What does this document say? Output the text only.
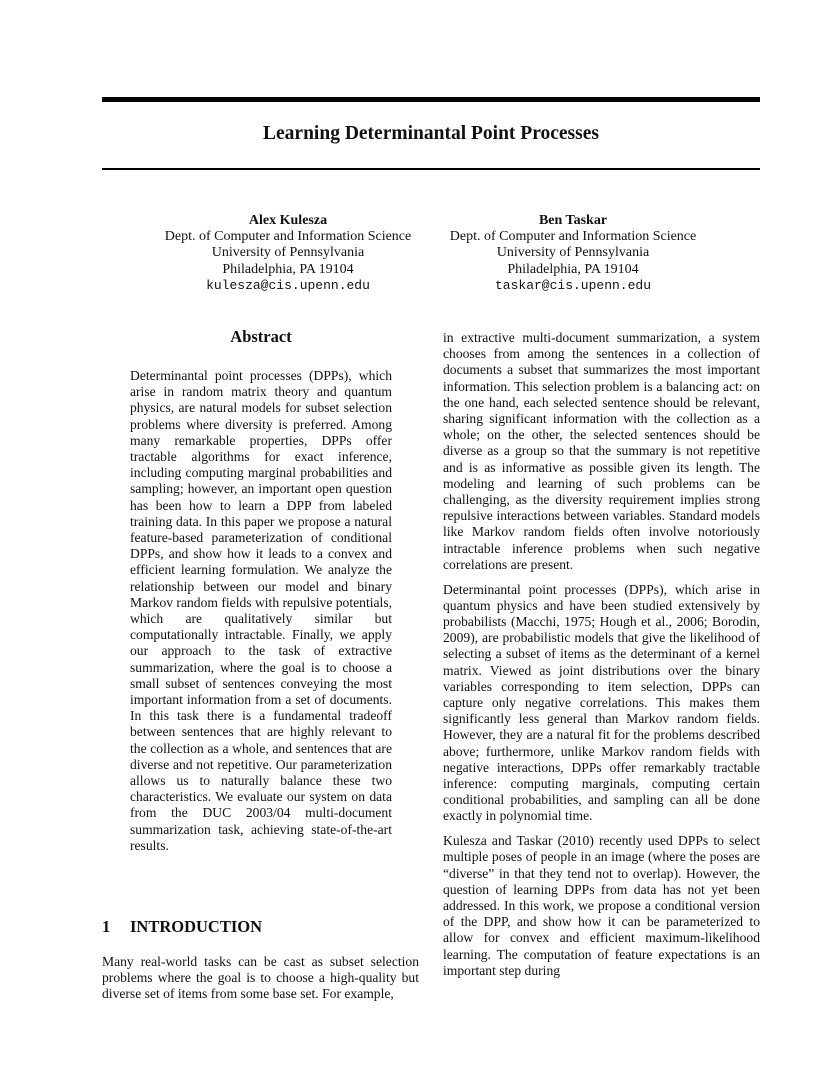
Learning Determinantal Point Processes
Alex Kulesza
Dept. of Computer and Information Science
University of Pennsylvania
Philadelphia, PA 19104
kulesza@cis.upenn.edu
Ben Taskar
Dept. of Computer and Information Science
University of Pennsylvania
Philadelphia, PA 19104
taskar@cis.upenn.edu
Abstract

Determinantal point processes (DPPs), which arise in random matrix theory and quantum physics, are natural models for subset selection problems where diversity is preferred. Among many remarkable properties, DPPs offer tractable algorithms for exact inference, including computing marginal probabilities and sampling; however, an important open question has been how to learn a DPP from labeled training data. In this paper we propose a natural feature-based parameterization of conditional DPPs, and show how it leads to a convex and efficient learning formulation. We analyze the relationship between our model and binary Markov random fields with repulsive potentials, which are qualitatively similar but computationally intractable. Finally, we apply our approach to the task of extractive summarization, where the goal is to choose a small subset of sentences conveying the most important information from a set of documents. In this task there is a fundamental tradeoff between sentences that are highly relevant to the collection as a whole, and sentences that are diverse and not repetitive. Our parameterization allows us to naturally balance these two characteristics. We evaluate our system on data from the DUC 2003/04 multi-document summarization task, achieving state-of-the-art results.

1 INTRODUCTION

Many real-world tasks can be cast as subset selection problems where the goal is to choose a high-quality but diverse set of items from some base set. For example,

in extractive multi-document summarization, a system chooses from among the sentences in a collection of documents a subset that summarizes the most important information. This selection problem is a balancing act: on the one hand, each selected sentence should be relevant, sharing significant information with the collection as a whole; on the other, the selected sentences should be diverse as a group so that the summary is not repetitive and is as informative as possible given its length. The modeling and learning of such problems can be challenging, as the diversity requirement implies strong repulsive interactions between variables. Standard models like Markov random fields often involve notoriously intractable inference problems when such negative correlations are present.

Determinantal point processes (DPPs), which arise in quantum physics and have been studied extensively by probabilists (Macchi, 1975; Hough et al., 2006; Borodin, 2009), are probabilistic models that give the likelihood of selecting a subset of items as the determinant of a kernel matrix. Viewed as joint distributions over the binary variables corresponding to item selection, DPPs can capture only negative correlations. This makes them significantly less general than Markov random fields. However, they are a natural fit for the problems described above; furthermore, unlike Markov random fields with negative interactions, DPPs offer remarkably tractable inference: computing marginals, computing certain conditional probabilities, and sampling can all be done exactly in polynomial time.

Kulesza and Taskar (2010) recently used DPPs to select multiple poses of people in an image (where the poses are “diverse” in that they tend not to overlap). However, the question of learning DPPs from data has not yet been addressed. In this work, we propose a conditional version of the DPP, and show how it can be parameterized to allow for convex and efficient maximum-likelihood learning. The computation of feature expectations is an important step during
